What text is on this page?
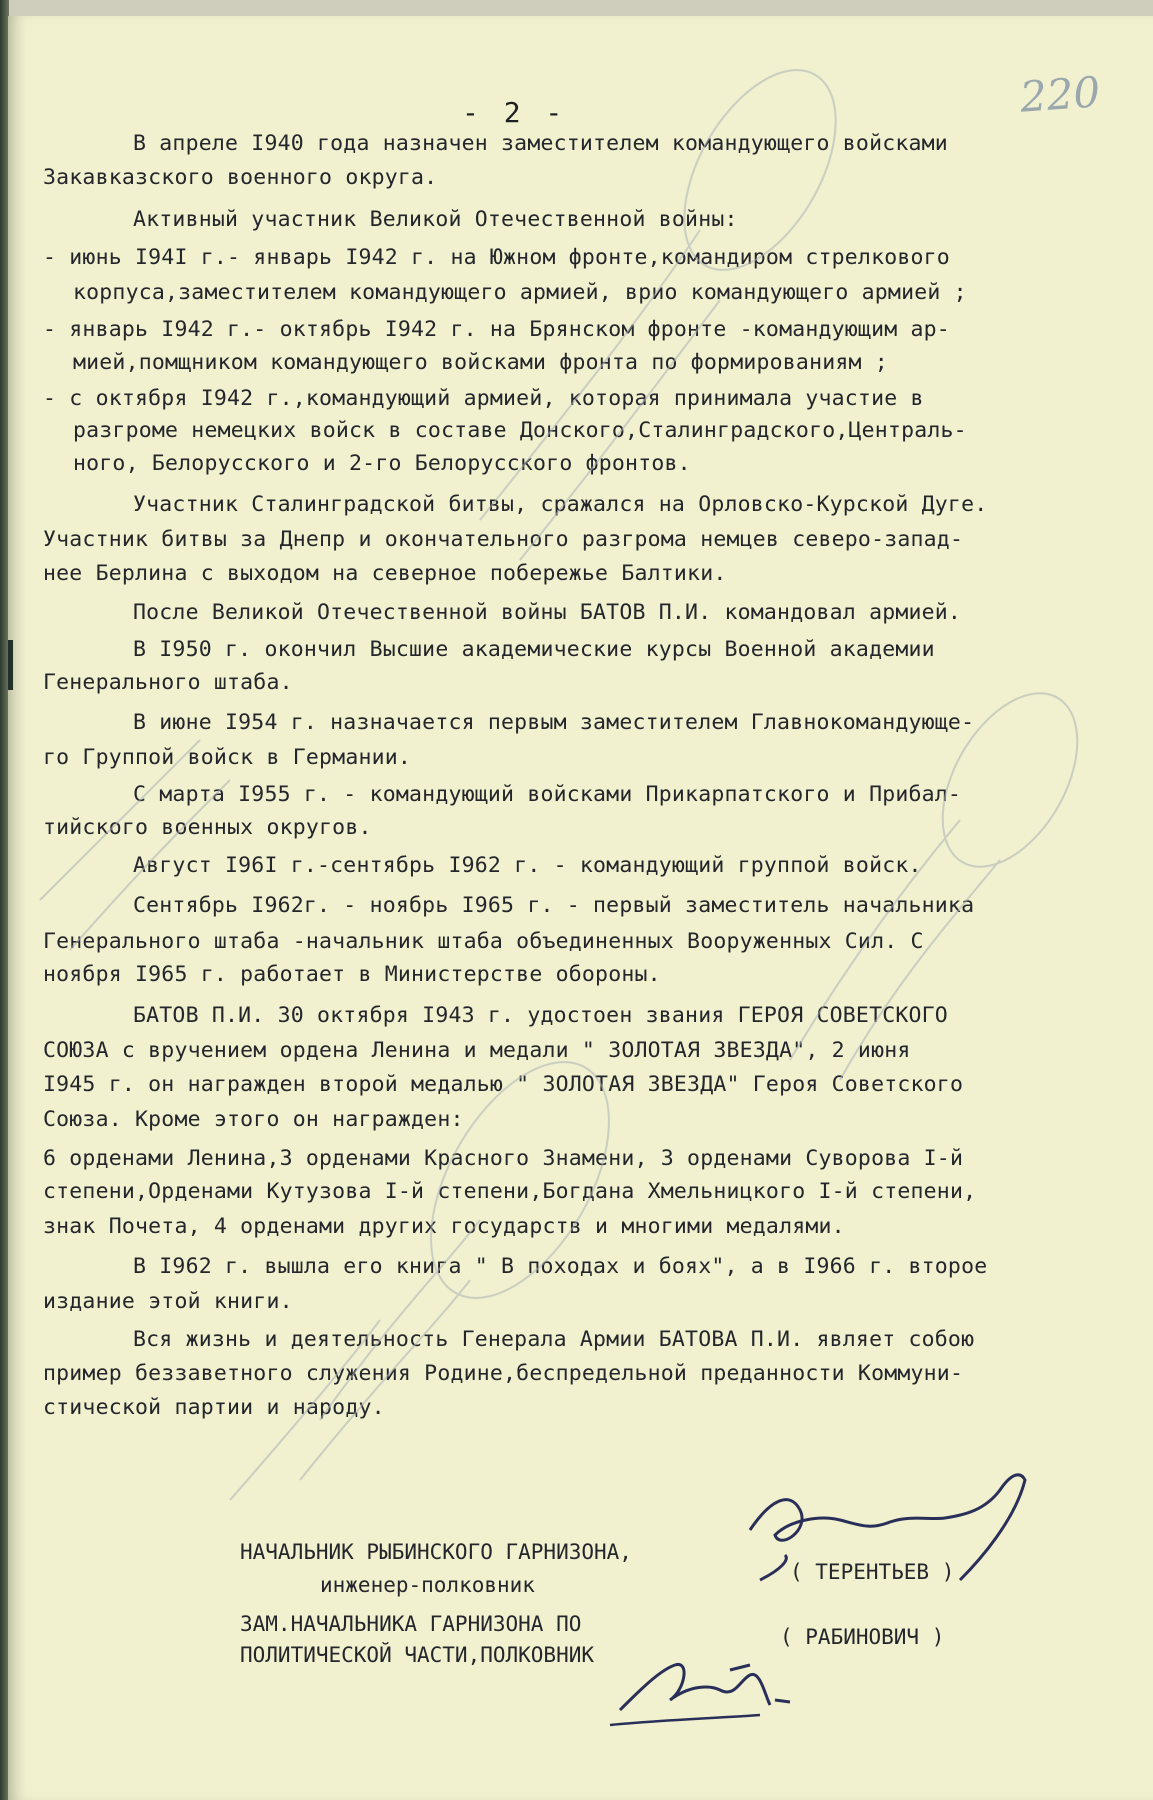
220
- 2 -
В апреле I940 года назначен заместителем командующего войсками
Закавказского военного округа.
Активный участник Великой Отечественной войны:
- июнь I94I г.- январь I942 г. на Южном фронте,командиром стрелкового
корпуса,заместителем командующего армией, врио командующего армией ;
- январь I942 г.- октябрь I942 г. на Брянском фронте -командующим ар-
мией,помщником командующего войсками фронта по формированиям ;
- с октября I942 г.,командующий армией, которая принимала участие в
разгроме немецких войск в составе Донского,Сталинградского,Централь-
ного, Белорусского и 2-го Белорусского фронтов.
Участник Сталинградской битвы, сражался на Орловско-Курской Дуге.
Участник битвы за Днепр и окончательного разгрома немцев северо-запад-
нее Берлина с выходом на северное побережье Балтики.
После Великой Отечественной войны БАТОВ П.И. командовал армией.
В I950 г. окончил Высшие академические курсы Военной академии
Генерального штаба.
В июне I954 г. назначается первым заместителем Главнокомандующе-
го Группой войск в Германии.
С марта I955 г. - командующий войсками Прикарпатского и Прибал-
тийского военных округов.
Август I96I г.-сентябрь I962 г. - командующий группой войск.
Сентябрь I962г. - ноябрь I965 г. - первый заместитель начальника
Генерального штаба -начальник штаба объединенных Вооруженных Сил. С
ноября I965 г. работает в Министерстве обороны.
БАТОВ П.И. 30 октября I943 г. удостоен звания ГЕРОЯ СОВЕТСКОГО
СОЮЗА с вручением ордена Ленина и медали " ЗОЛОТАЯ ЗВЕЗДА", 2 июня
I945 г. он награжден второй медалью " ЗОЛОТАЯ ЗВЕЗДА" Героя Советского
Союза. Кроме этого он награжден:
6 орденами Ленина,3 орденами Красного Знамени, 3 орденами Суворова I-й
степени,Орденами Кутузова I-й степени,Богдана Хмельницкого I-й степени,
знак Почета, 4 орденами других государств и многими медалями.
В I962 г. вышла его книга " В походах и боях", а в I966 г. второе
издание этой книги.
Вся жизнь и деятельность Генерала Армии БАТОВА П.И. являет собою
пример беззаветного служения Родине,беспредельной преданности Коммуни-
стической партии и народу.
НАЧАЛЬНИК РЫБИНСКОГО ГАРНИЗОНА,
инженер-полковник
( ТЕРЕНТЬЕВ )
ЗАМ.НАЧАЛЬНИКА ГАРНИЗОНА ПО
ПОЛИТИЧЕСКОЙ ЧАСТИ,ПОЛКОВНИК
( РАБИНОВИЧ )
